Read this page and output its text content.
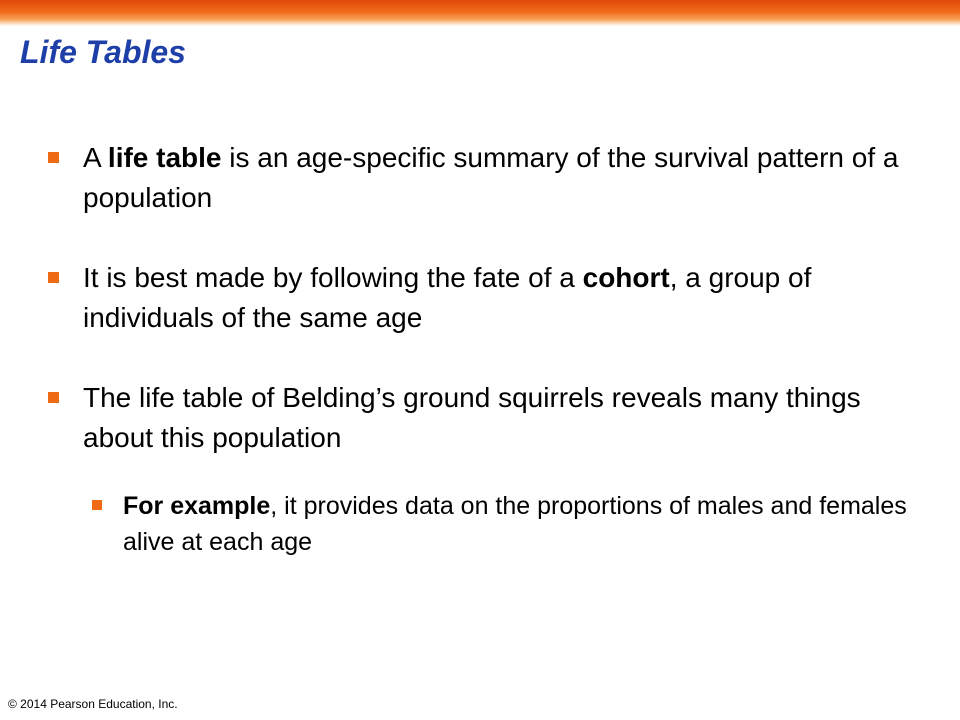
Life Tables
A life table is an age-specific summary of the survival pattern of a population
It is best made by following the fate of a cohort, a group of individuals of the same age
The life table of Belding’s ground squirrels reveals many things about this population
For example, it provides data on the proportions of males and females alive at each age
© 2014 Pearson Education, Inc.
